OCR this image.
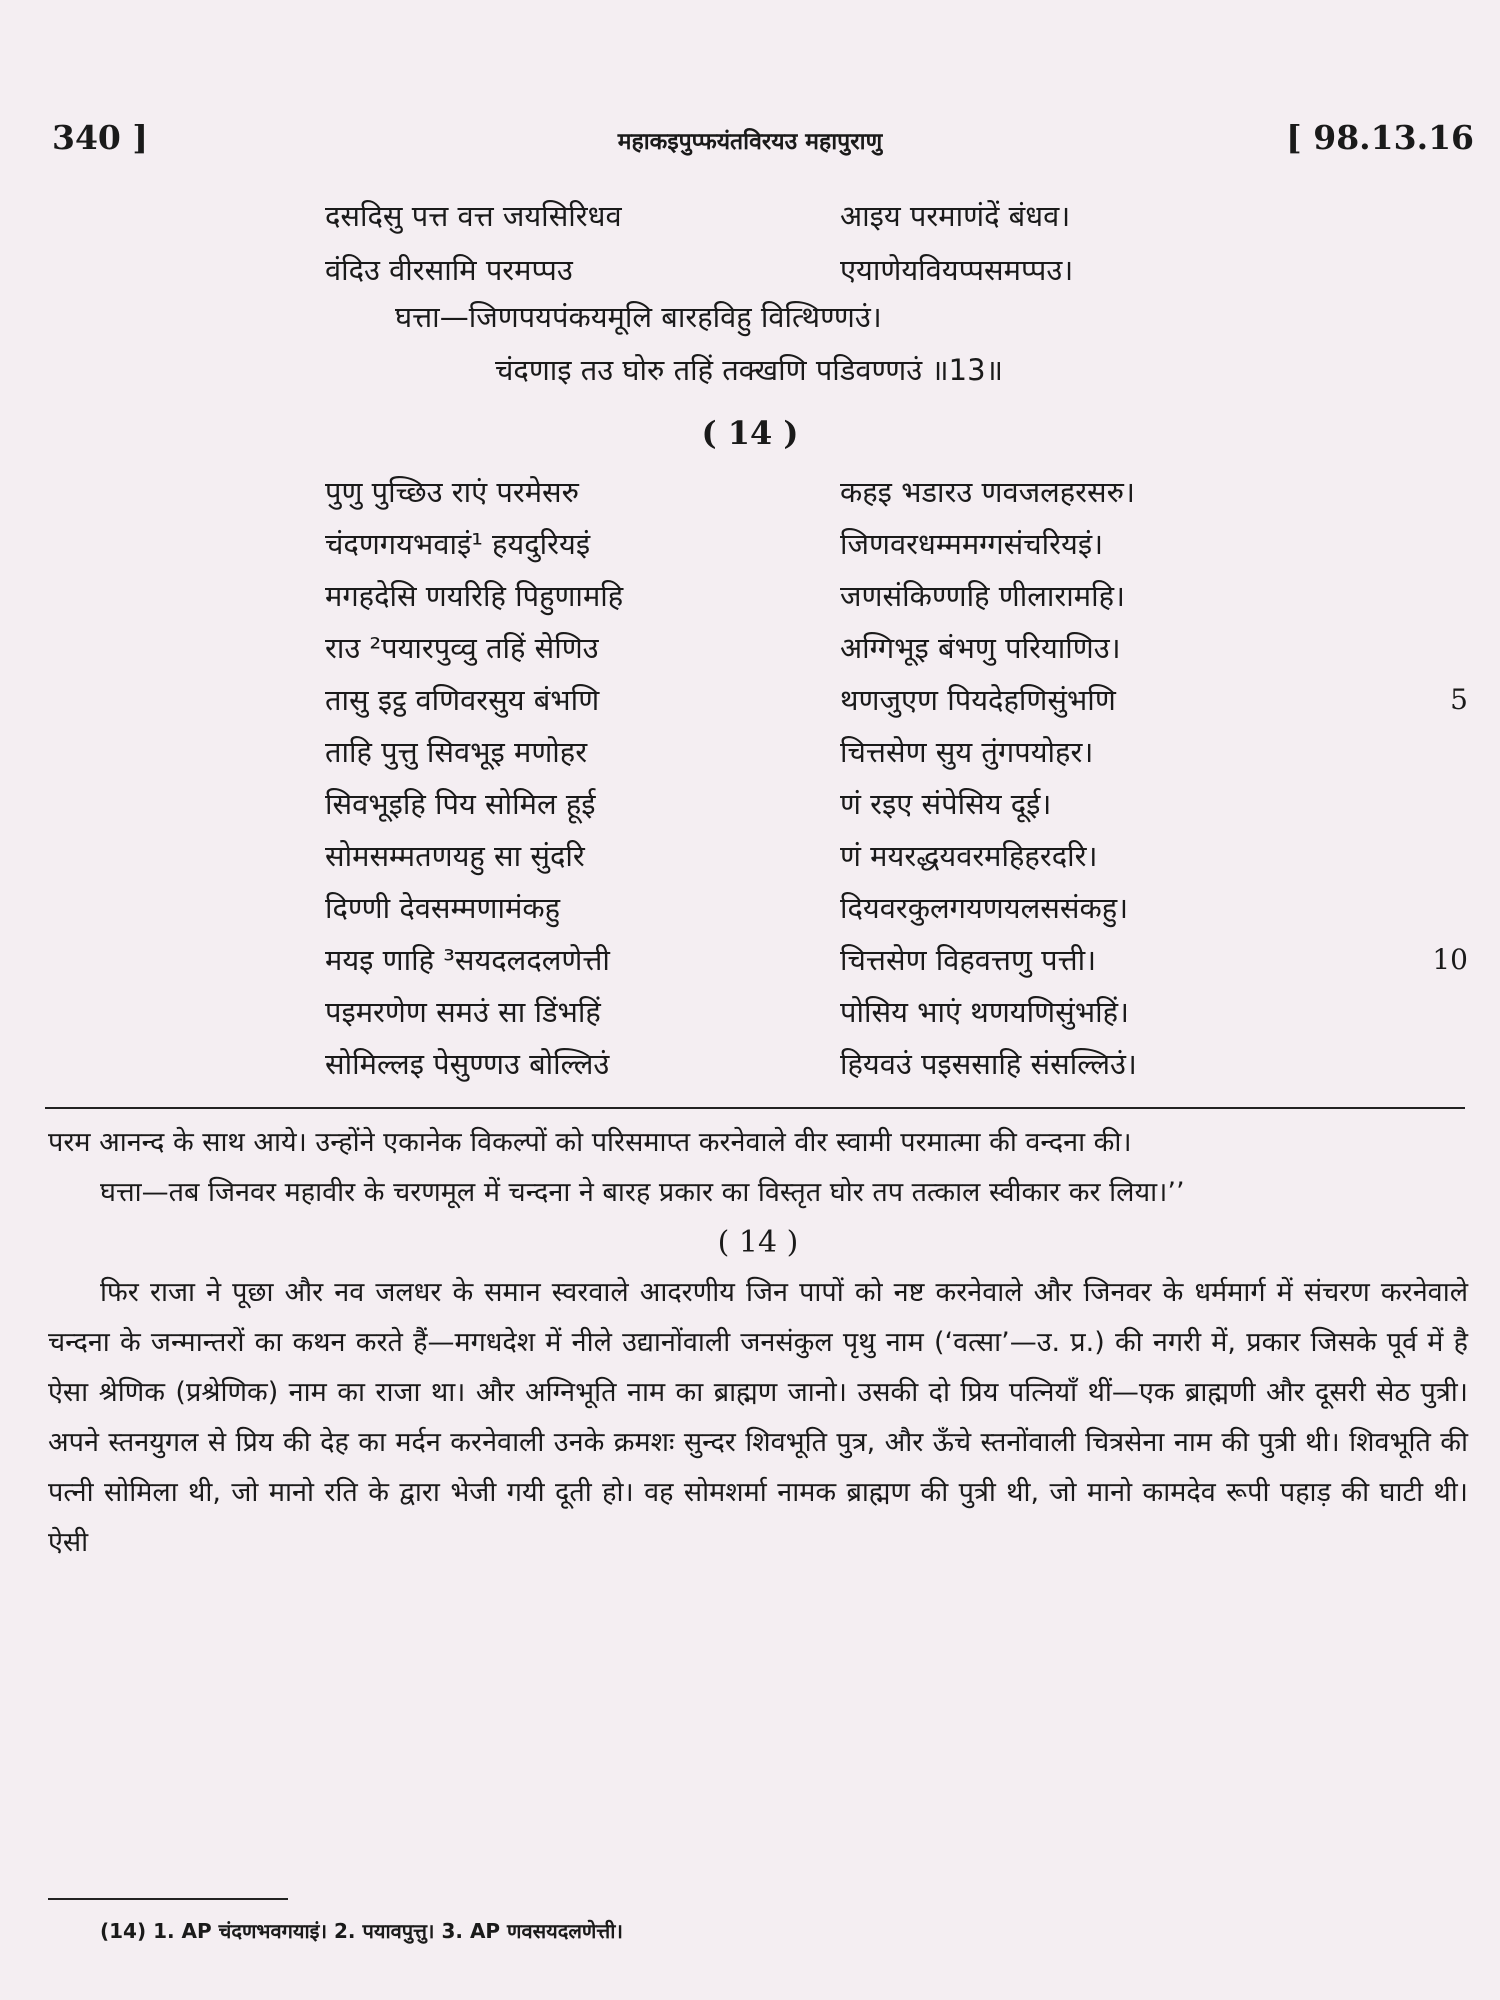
340 ]	महाकइपुप्फयंतविरयउ महापुराणु	[ 98.13.16
दसदिसु पत्त वत्त जयसिरिधव	आइय परमाणंदें बंधव।
वंदिउ वीरसामि परमप्पउ	एयाणेयवियप्पसमप्पउ।
घत्ता—जिणपयपंकयमूलि बारहविहु वित्थिण्णउं।
चंदणाइ तउ घोरु तहिं तक्खणि पडिवण्णउं ॥13॥
( 14 )
पुणु पुच्छिउ राएं परमेसरु	कहइ भडारउ णवजलहरसरु।
चंदणगयभवाइं¹ हयदुरियइं	जिणवरधम्ममग्गसंचरियइं।
मगहदेसि णयरिहि पिहुणामहि	जणसंकिण्णहि णीलारामहि।
राउ ²पयारपुव्वु तहिं सेणिउ	अग्गिभूइ बंभणु परियाणिउ।
तासु इट्ठ वणिवरसुय बंभणि	थणजुएण पियदेहणिसुंभणि	5
ताहि पुत्तु सिवभूइ मणोहर	चित्तसेण सुय तुंगपयोहर।
सिवभूइहि पिय सोमिल हूई	णं रइए संपेसिय दूई।
सोमसम्मतणयहु सा सुंदरि	णं मयरद्धयवरमहिहरदरि।
दिण्णी देवसम्मणामंकहु	दियवरकुलगयणयलससंकहु।
मयइ णाहि ³सयदलदलणेत्ती	चित्तसेण विहवत्तणु पत्ती।	10
पइमरणेण समउं सा डिंभहिं	पोसिय भाएं थणयणिसुंभहिं।
सोमिल्लइ पेसुण्णउ बोल्लिउं	हियवउं पइससाहि संसल्लिउं।

परम आनन्द के साथ आये। उन्होंने एकानेक विकल्पों को परिसमाप्त करनेवाले वीर स्वामी परमात्मा की वन्दना की।

घत्ता—तब जिनवर महावीर के चरणमूल में चन्दना ने बारह प्रकार का विस्तृत घोर तप तत्काल स्वीकार कर लिया।’’

( 14 )

फिर राजा ने पूछा और नव जलधर के समान स्वरवाले आदरणीय जिन पापों को नष्ट करनेवाले और जिनवर के धर्ममार्ग में संचरण करनेवाले चन्दना के जन्मान्तरों का कथन करते हैं—मगधदेश में नीले उद्यानोंवाली जनसंकुल पृथु नाम (‘वत्सा’—उ. प्र.) की नगरी में, प्रकार जिसके पूर्व में है ऐसा श्रेणिक (प्रश्रेणिक) नाम का राजा था। और अग्निभूति नाम का ब्राह्मण जानो। उसकी दो प्रिय पत्नियाँ थीं—एक ब्राह्मणी और दूसरी सेठ पुत्री। अपने स्तनयुगल से प्रिय की देह का मर्दन करनेवाली उनके क्रमशः सुन्दर शिवभूति पुत्र, और ऊँचे स्तनोंवाली चित्रसेना नाम की पुत्री थी। शिवभूति की पत्नी सोमिला थी, जो मानो रति के द्वारा भेजी गयी दूती हो। वह सोमशर्मा नामक ब्राह्मण की पुत्री थी, जो मानो कामदेव रूपी पहाड़ की घाटी थी। ऐसी

(14) 1. AP चंदणभवगयाइं। 2. पयावपुत्तु। 3. AP णवसयदलणेत्ती।
